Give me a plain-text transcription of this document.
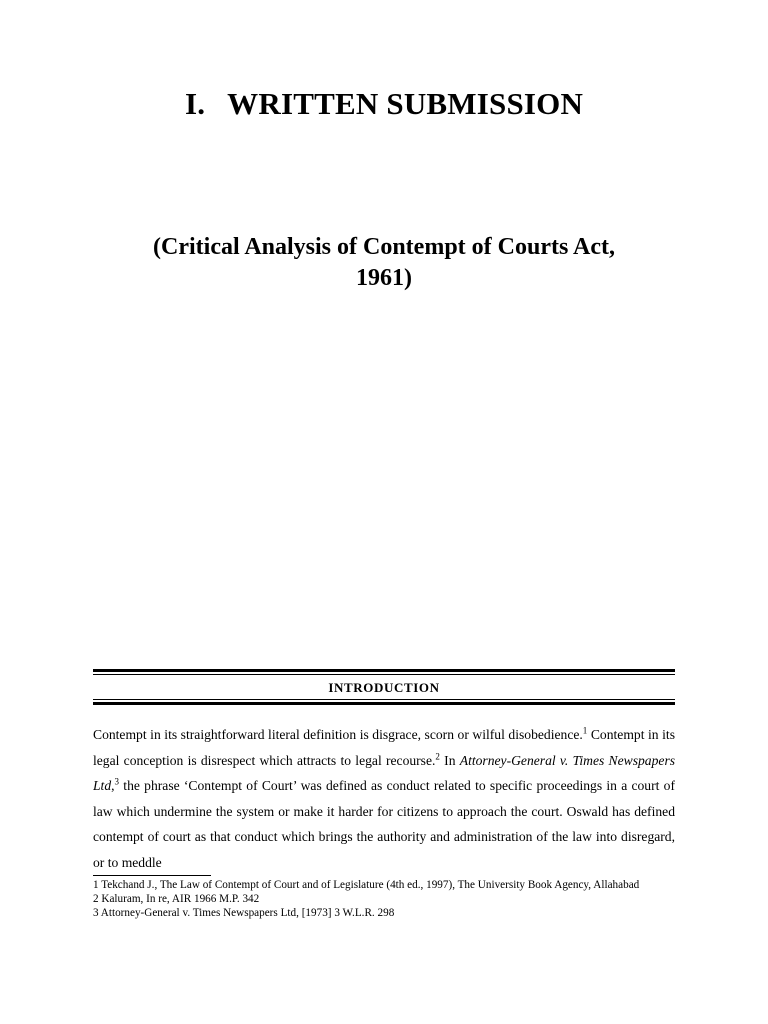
I. WRITTEN SUBMISSION
(Critical Analysis of Contempt of Courts Act,
1961)
INTRODUCTION

Contempt in its straightforward literal definition is disgrace, scorn or wilful disobedience.$^1$ Contempt in its legal conception is disrespect which attracts to legal recourse.$^2$ In Attorney-General v. Times Newspapers Ltd,$^3$ the phrase ‘Contempt of Court’ was defined as conduct related to specific proceedings in a court of law which undermine the system or make it harder for citizens to approach the court. Oswald has defined contempt of court as that conduct which brings the authority and administration of the law into disregard, or to meddle

1 Tekchand J., The Law of Contempt of Court and of Legislature (4th ed., 1997), The University Book Agency, Allahabad

2 Kaluram, In re, AIR 1966 M.P. 342

3 Attorney-General v. Times Newspapers Ltd, [1973] 3 W.L.R. 298
